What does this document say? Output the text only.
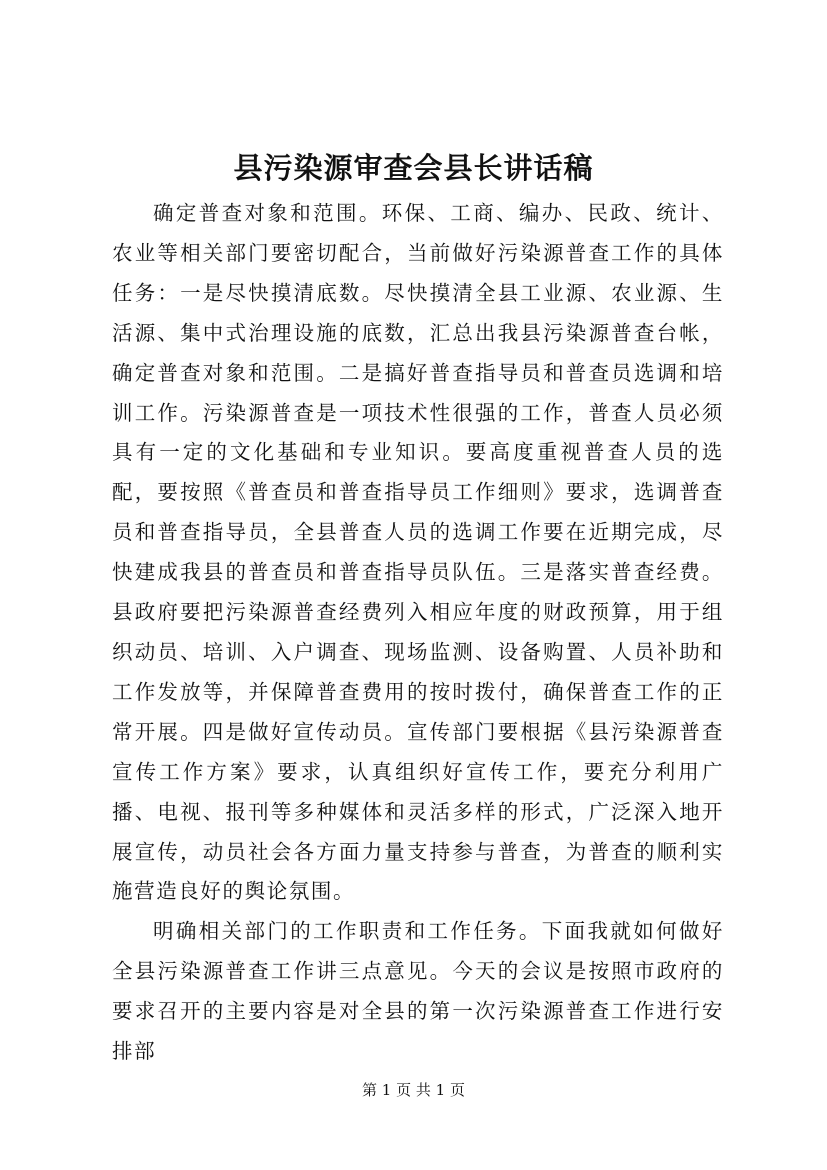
县污染源审查会县长讲话稿

确定普查对象和范围。环保、工商、编办、民政、统计、农业等相关部门要密切配合，当前做好污染源普查工作的具体任务：一是尽快摸清底数。尽快摸清全县工业源、农业源、生活源、集中式治理设施的底数，汇总出我县污染源普查台帐，确定普查对象和范围。二是搞好普查指导员和普查员选调和培训工作。污染源普查是一项技术性很强的工作，普查人员必须具有一定的文化基础和专业知识。要高度重视普查人员的选配，要按照《普查员和普查指导员工作细则》要求，选调普查员和普查指导员，全县普查人员的选调工作要在近期完成，尽快建成我县的普查员和普查指导员队伍。三是落实普查经费。县政府要把污染源普查经费列入相应年度的财政预算，用于组织动员、培训、入户调查、现场监测、设备购置、人员补助和工作发放等，并保障普查费用的按时拨付，确保普查工作的正常开展。四是做好宣传动员。宣传部门要根据《县污染源普查宣传工作方案》要求，认真组织好宣传工作，要充分利用广播、电视、报刊等多种媒体和灵活多样的形式，广泛深入地开展宣传，动员社会各方面力量支持参与普查，为普查的顺利实施营造良好的舆论氛围。

明确相关部门的工作职责和工作任务。下面我就如何做好全县污染源普查工作讲三点意见。今天的会议是按照市政府的要求召开的主要内容是对全县的第一次污染源普查工作进行安排部

第 1 页 共 1 页
